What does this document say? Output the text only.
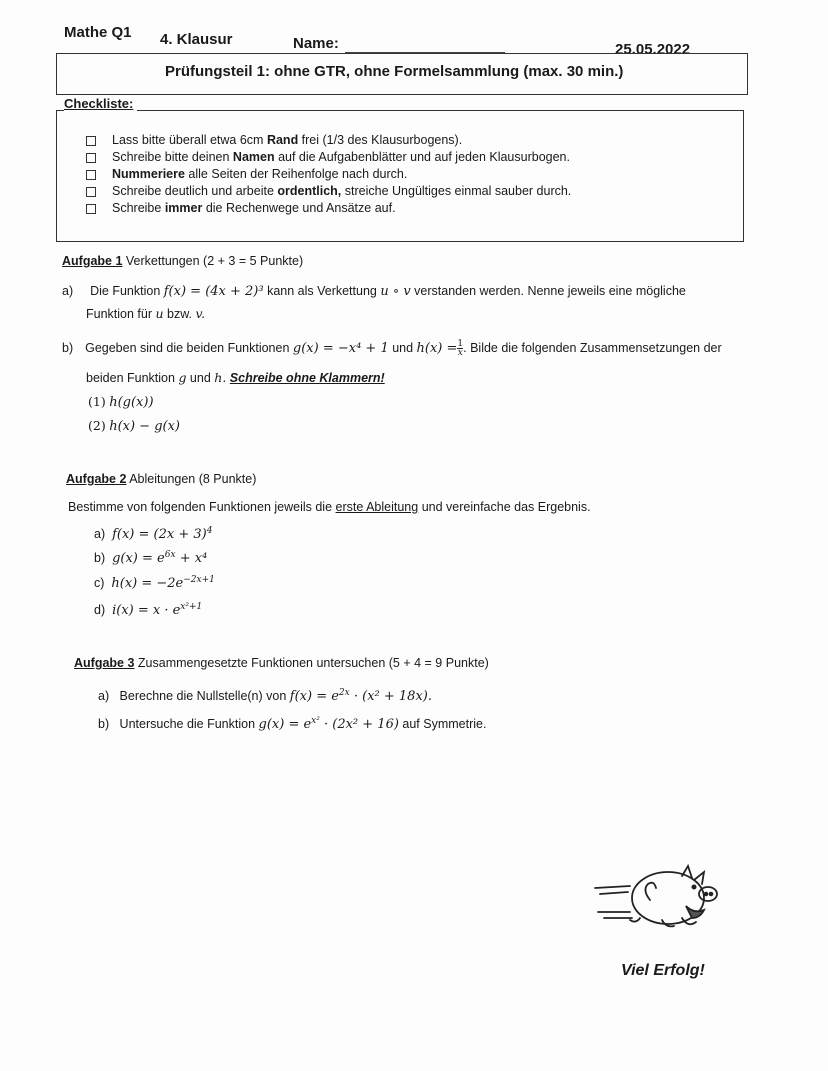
Mathe Q1 4. Klausur	Name:	25.05.2022
Prüfungsteil 1: ohne GTR, ohne Formelsammlung (max. 30 min.)
Checkliste:
Lass bitte überall etwa 6cm Rand frei (1/3 des Klausurbogens).
Schreibe bitte deinen Namen auf die Aufgabenblätter und auf jeden Klausurbogen.
Nummeriere alle Seiten der Reihenfolge nach durch.
Schreibe deutlich und arbeite ordentlich, streiche Ungültiges einmal sauber durch.
Schreibe immer die Rechenwege und Ansätze auf.
Aufgabe 1 Verkettungen (2 + 3 = 5 Punkte)
a) Die Funktion f(x) = (4x + 2)³ kann als Verkettung u ∘ v verstanden werden. Nenne jeweils eine mögliche
Funktion für u bzw. v.
b) Gegeben sind die beiden Funktionen g(x) = −x⁴ + 1 und $h(x) = \frac{1}{x}$ . Bilde die folgenden Zusammensetzungen der
beiden Funktion g und h. Schreibe ohne Klammern!
(1) h(g(x))
(2) h(x) − g(x)
Aufgabe 2 Ableitungen (8 Punkte)
Bestimme von folgenden Funktionen jeweils die erste Ableitung und vereinfache das Ergebnis.
a) $f(x) = (2x + 3)^4$
b) $g(x) = e^{6x} + x^4$
c) $h(x) = -2e^{-2x+1}$
d) $i(x) = x \cdot e^{x^2+1}$
Aufgabe 3 Zusammengesetzte Funktionen untersuchen (5 + 4 = 9 Punkte)
a) Berechne die Nullstelle(n) von $f(x) = e^{2x} \cdot (x^2 + 18x)$.
b) Untersuche die Funktion $g(x) = e^{x^2} \cdot (2x^2 + 16)$ auf Symmetrie.
Viel Erfolg!
